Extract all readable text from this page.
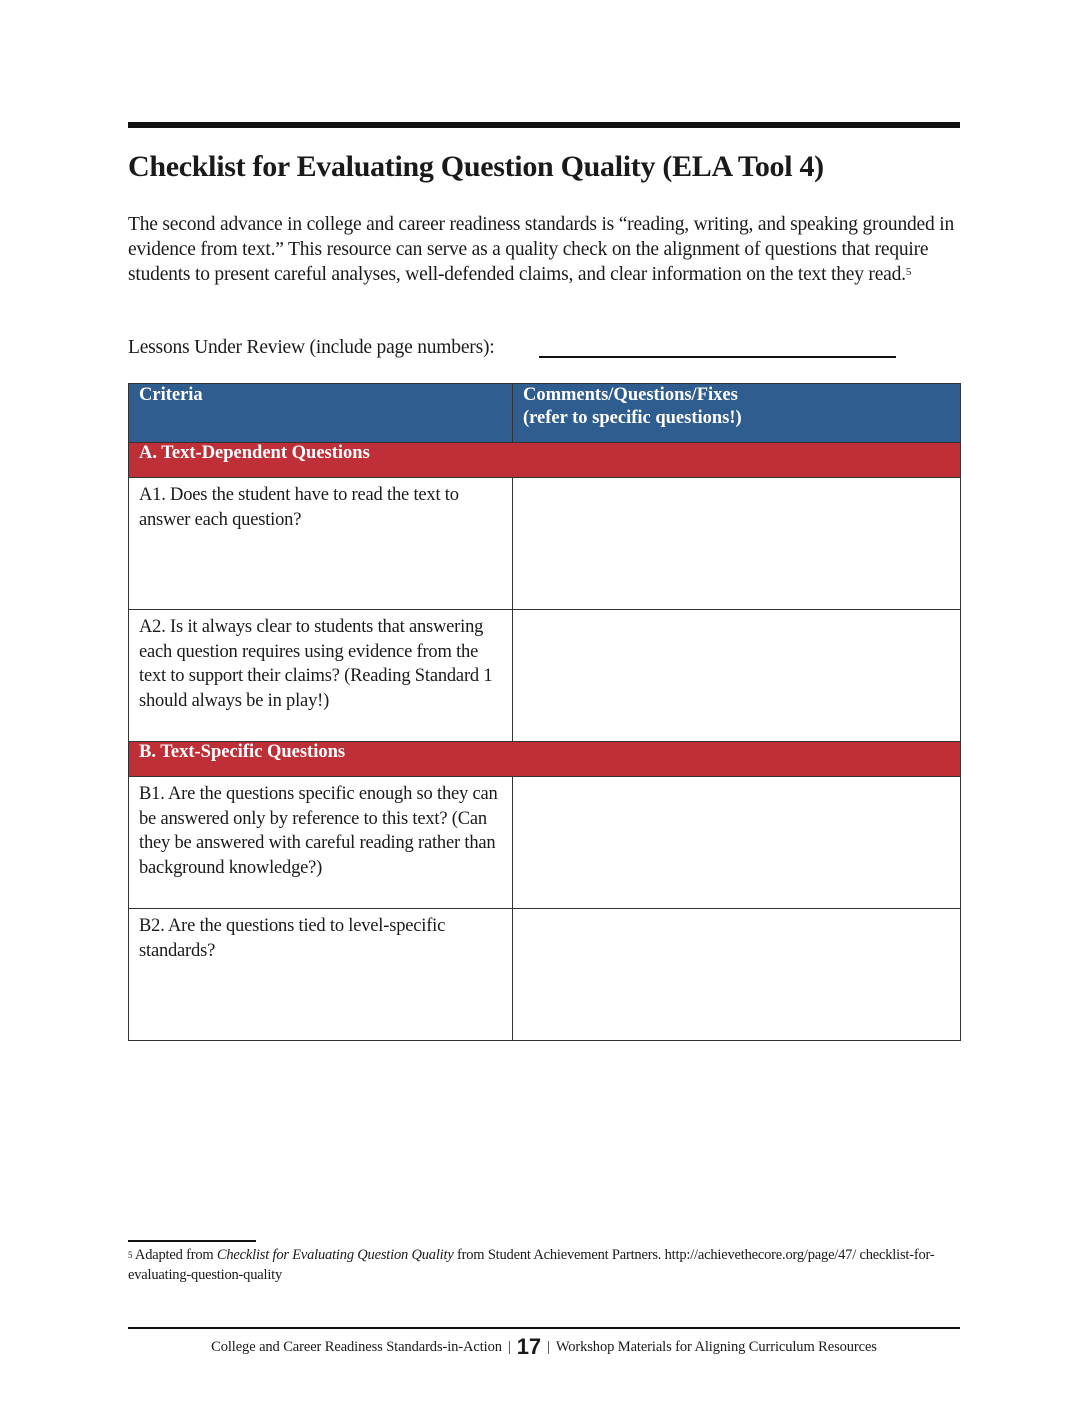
Checklist for Evaluating Question Quality (ELA Tool 4)

The second advance in college and career readiness standards is “reading, writing, and speaking grounded in evidence from text.” This resource can serve as a quality check on the alignment of questions that require students to present careful analyses, well-defended claims, and clear information on the text they read.$^5$

Lessons Under Review (include page numbers):
Criteria	Comments/Questions/Fixes
(refer to specific questions!)

A. Text-Dependent Questions	

A1. Does the student have to read the text to answer each question?	

A2. Is it always clear to students that answering each question requires using evidence from the text to support their claims? (Reading Standard 1 should always be in play!)	

B. Text-Specific Questions	

B1. Are the questions specific enough so they can be answered only by reference to this text? (Can they be answered with careful reading rather than background knowledge?)	

B2. Are the questions tied to level-specific standards?	

$^5$ Adapted from Checklist for Evaluating Question Quality from Student Achievement Partners. http://achievethecore.org/page/47/ checklist-for-evaluating-question-quality

College and Career Readiness Standards-in-Action | 17 | Workshop Materials for Aligning Curriculum Resources
